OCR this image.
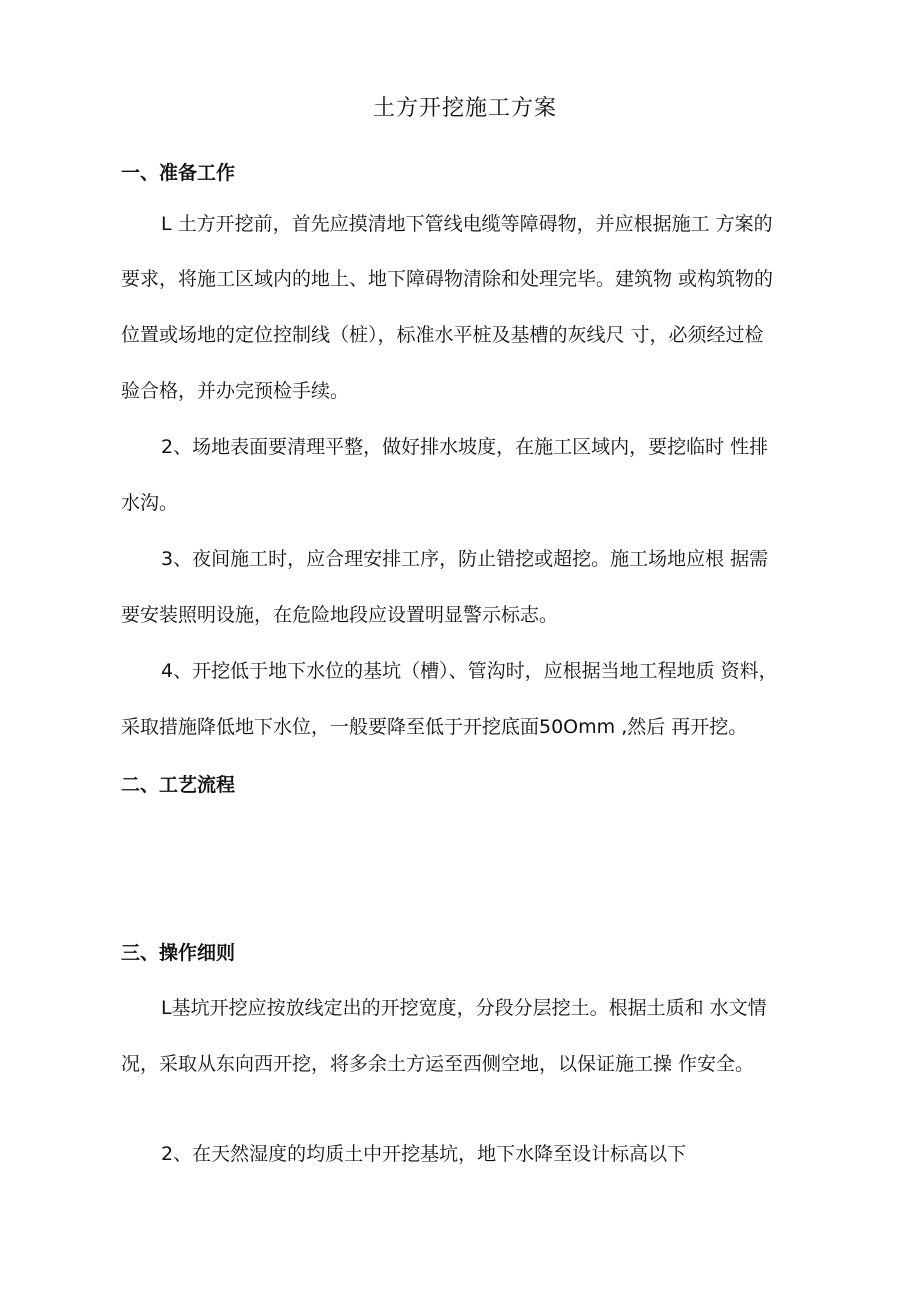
土方开挖施工方案
一、准备工作
L 土方开挖前，首先应摸清地下管线电缆等障碍物，并应根据施工 方案的
要求，将施工区域内的地上、地下障碍物清除和处理完毕。建筑物 或构筑物的
位置或场地的定位控制线（桩），标准水平桩及基槽的灰线尺 寸，必须经过检
验合格，并办完预检手续。
2、场地表面要清理平整，做好排水坡度，在施工区域内，要挖临时 性排
水沟。
3、夜间施工时，应合理安排工序，防止错挖或超挖。施工场地应根 据需
要安装照明设施，在危险地段应设置明显警示标志。
4、开挖低于地下水位的基坑（槽）、管沟时，应根据当地工程地质 资料，
采取措施降低地下水位，一般要降至低于开挖底面50Omm ,然后 再开挖。
二、工艺流程
三、操作细则
L基坑开挖应按放线定出的开挖宽度，分段分层挖土。根据土质和 水文情
况，采取从东向西开挖，将多余土方运至西侧空地，以保证施工操 作安全。
2、在天然湿度的均质土中开挖基坑，地下水降至设计标高以下
